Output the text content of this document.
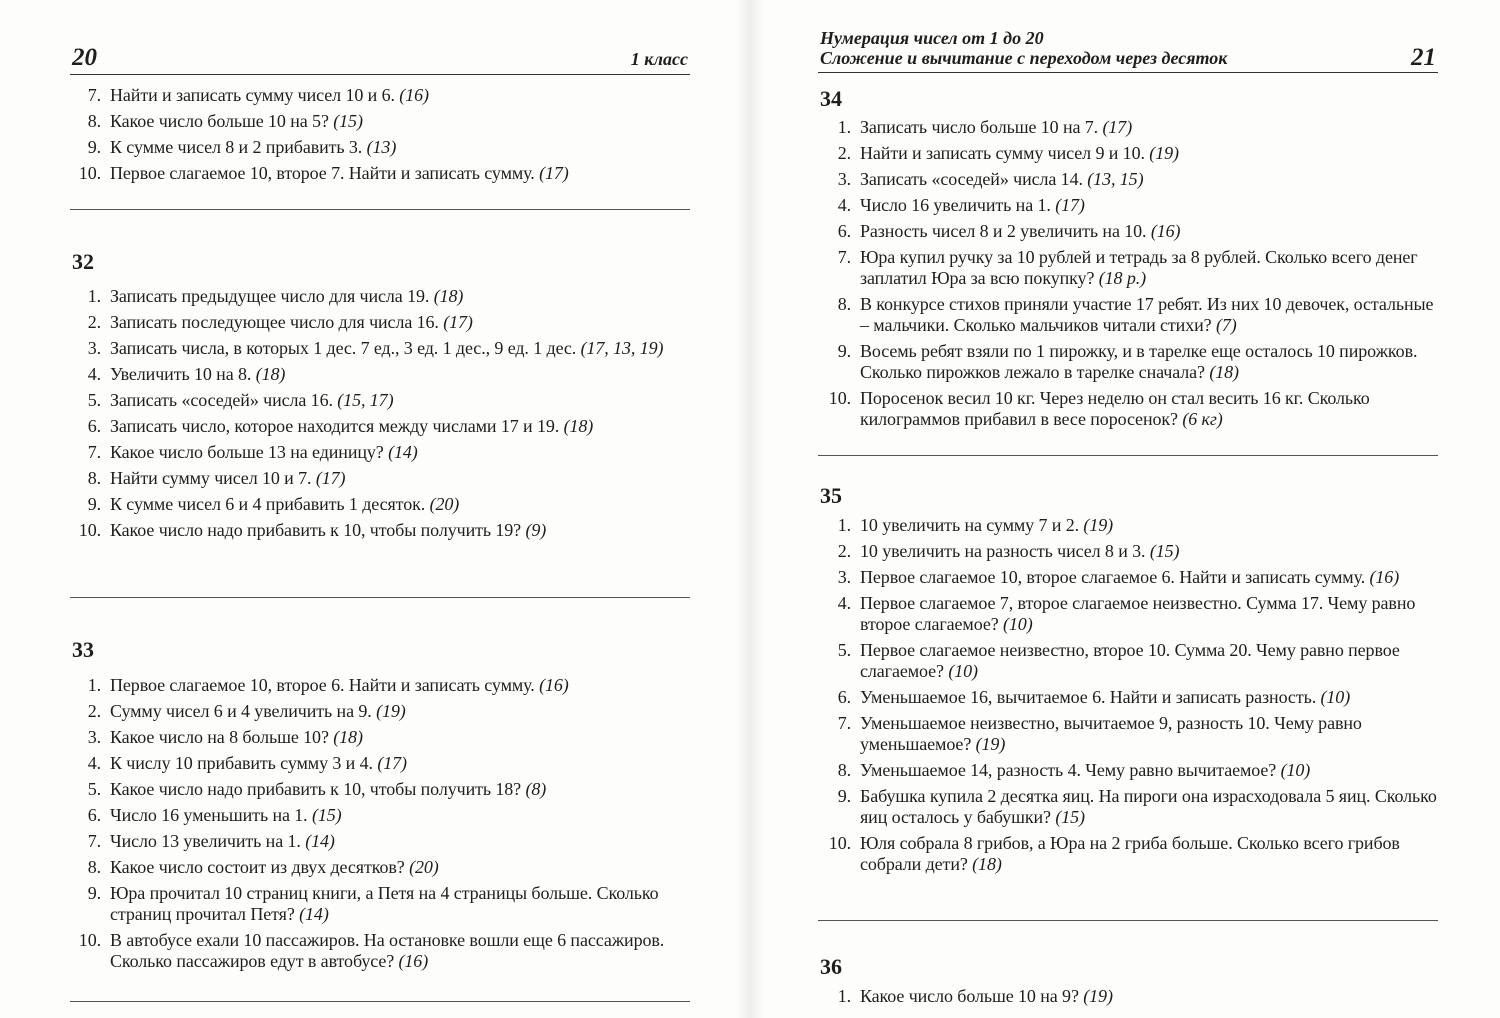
20	1 класс
7. Найти и записать сумму чисел 10 и 6. (16)
8. Какое число больше 10 на 5? (15)
9. К сумме чисел 8 и 2 прибавить 3. (13)
10. Первое слагаемое 10, второе 7. Найти и записать сумму. (17)
32
1. Записать предыдущее число для числа 19. (18)
2. Записать последующее число для числа 16. (17)
3. Записать числа, в которых 1 дес. 7 ед., 3 ед. 1 дес., 9 ед. 1 дес. (17, 13, 19)
4. Увеличить 10 на 8. (18)
5. Записать «соседей» числа 16. (15, 17)
6. Записать число, которое находится между числами 17 и 19. (18)
7. Какое число больше 13 на единицу? (14)
8. Найти сумму чисел 10 и 7. (17)
9. К сумме чисел 6 и 4 прибавить 1 десяток. (20)
10. Какое число надо прибавить к 10, чтобы получить 19? (9)
33
1. Первое слагаемое 10, второе 6. Найти и записать сумму. (16)
2. Сумму чисел 6 и 4 увеличить на 9. (19)
3. Какое число на 8 больше 10? (18)
4. К числу 10 прибавить сумму 3 и 4. (17)
5. Какое число надо прибавить к 10, чтобы получить 18? (8)
6. Число 16 уменьшить на 1. (15)
7. Число 13 увеличить на 1. (14)
8. Какое число состоит из двух десятков? (20)
9. Юра прочитал 10 страниц книги, а Петя на 4 страницы больше. Сколько страниц прочитал Петя? (14)
10. В автобусе ехали 10 пассажиров. На остановке вошли еще 6 пассажиров. Сколько пассажиров едут в автобусе? (16)
Нумерация чисел от 1 до 20
Сложение и вычитание с переходом через десяток	21
34
1. Записать число больше 10 на 7. (17)
2. Найти и записать сумму чисел 9 и 10. (19)
3. Записать «соседей» числа 14. (13, 15)
4. Число 16 увеличить на 1. (17)
6. Разность чисел 8 и 2 увеличить на 10. (16)
7. Юра купил ручку за 10 рублей и тетрадь за 8 рублей. Сколько всего денег заплатил Юра за всю покупку? (18 р.)
8. В конкурсе стихов приняли участие 17 ребят. Из них 10 девочек, остальные – мальчики. Сколько мальчиков читали стихи? (7)
9. Восемь ребят взяли по 1 пирожку, и в тарелке еще осталось 10 пирожков. Сколько пирожков лежало в тарелке сначала? (18)
10. Поросенок весил 10 кг. Через неделю он стал весить 16 кг. Сколько килограммов прибавил в весе поросенок? (6 кг)
35
1. 10 увеличить на сумму 7 и 2. (19)
2. 10 увеличить на разность чисел 8 и 3. (15)
3. Первое слагаемое 10, второе слагаемое 6. Найти и записать сумму. (16)
4. Первое слагаемое 7, второе слагаемое неизвестно. Сумма 17. Чему равно второе слагаемое? (10)
5. Первое слагаемое неизвестно, второе 10. Сумма 20. Чему равно первое слагаемое? (10)
6. Уменьшаемое 16, вычитаемое 6. Найти и записать разность. (10)
7. Уменьшаемое неизвестно, вычитаемое 9, разность 10. Чему равно уменьшаемое? (19)
8. Уменьшаемое 14, разность 4. Чему равно вычитаемое? (10)
9. Бабушка купила 2 десятка яиц. На пироги она израсходовала 5 яиц. Сколько яиц осталось у бабушки? (15)
10. Юля собрала 8 грибов, а Юра на 2 гриба больше. Сколько всего грибов собрали дети? (18)
36
1. Какое число больше 10 на 9? (19)
